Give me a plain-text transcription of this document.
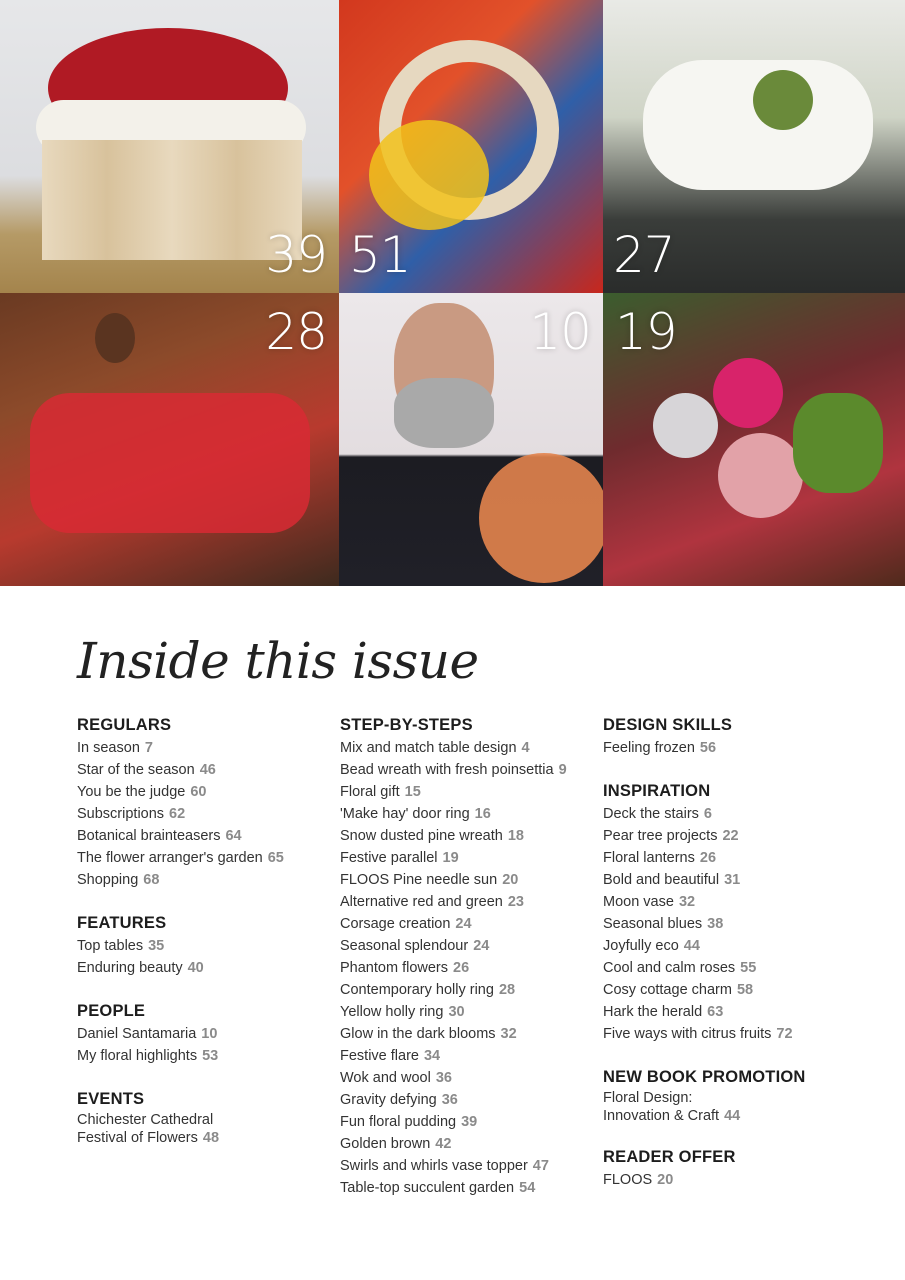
39 51	27
28	10 19
Inside this issue
REGULARS
In season 7
Star of the season 46
You be the judge 60
Subscriptions 62
Botanical brainteasers 64
The flower arranger's garden 65
Shopping 68
FEATURES
Top tables 35
Enduring beauty 40
PEOPLE
Daniel Santamaria 10
My floral highlights 53
EVENTS
Chichester Cathedral
Festival of Flowers 48
STEP-BY-STEPS
Mix and match table design 4
Bead wreath with fresh poinsettia 9
Floral gift 15
'Make hay' door ring 16
Snow dusted pine wreath 18
Festive parallel 19
FLOOS Pine needle sun 20
Alternative red and green 23
Corsage creation 24
Seasonal splendour 24
Phantom flowers 26
Contemporary holly ring 28
Yellow holly ring 30
Glow in the dark blooms 32
Festive flare 34
Wok and wool 36
Gravity defying 36
Fun floral pudding 39
Golden brown 42
Swirls and whirls vase topper 47
Table-top succulent garden 54
DESIGN SKILLS
Feeling frozen 56
INSPIRATION
Deck the stairs 6
Pear tree projects 22
Floral lanterns 26
Bold and beautiful 31
Moon vase 32
Seasonal blues 38
Joyfully eco 44
Cool and calm roses 55
Cosy cottage charm 58
Hark the herald 63
Five ways with citrus fruits 72
NEW BOOK PROMOTION
Floral Design:
Innovation & Craft 44
READER OFFER
FLOOS 20
